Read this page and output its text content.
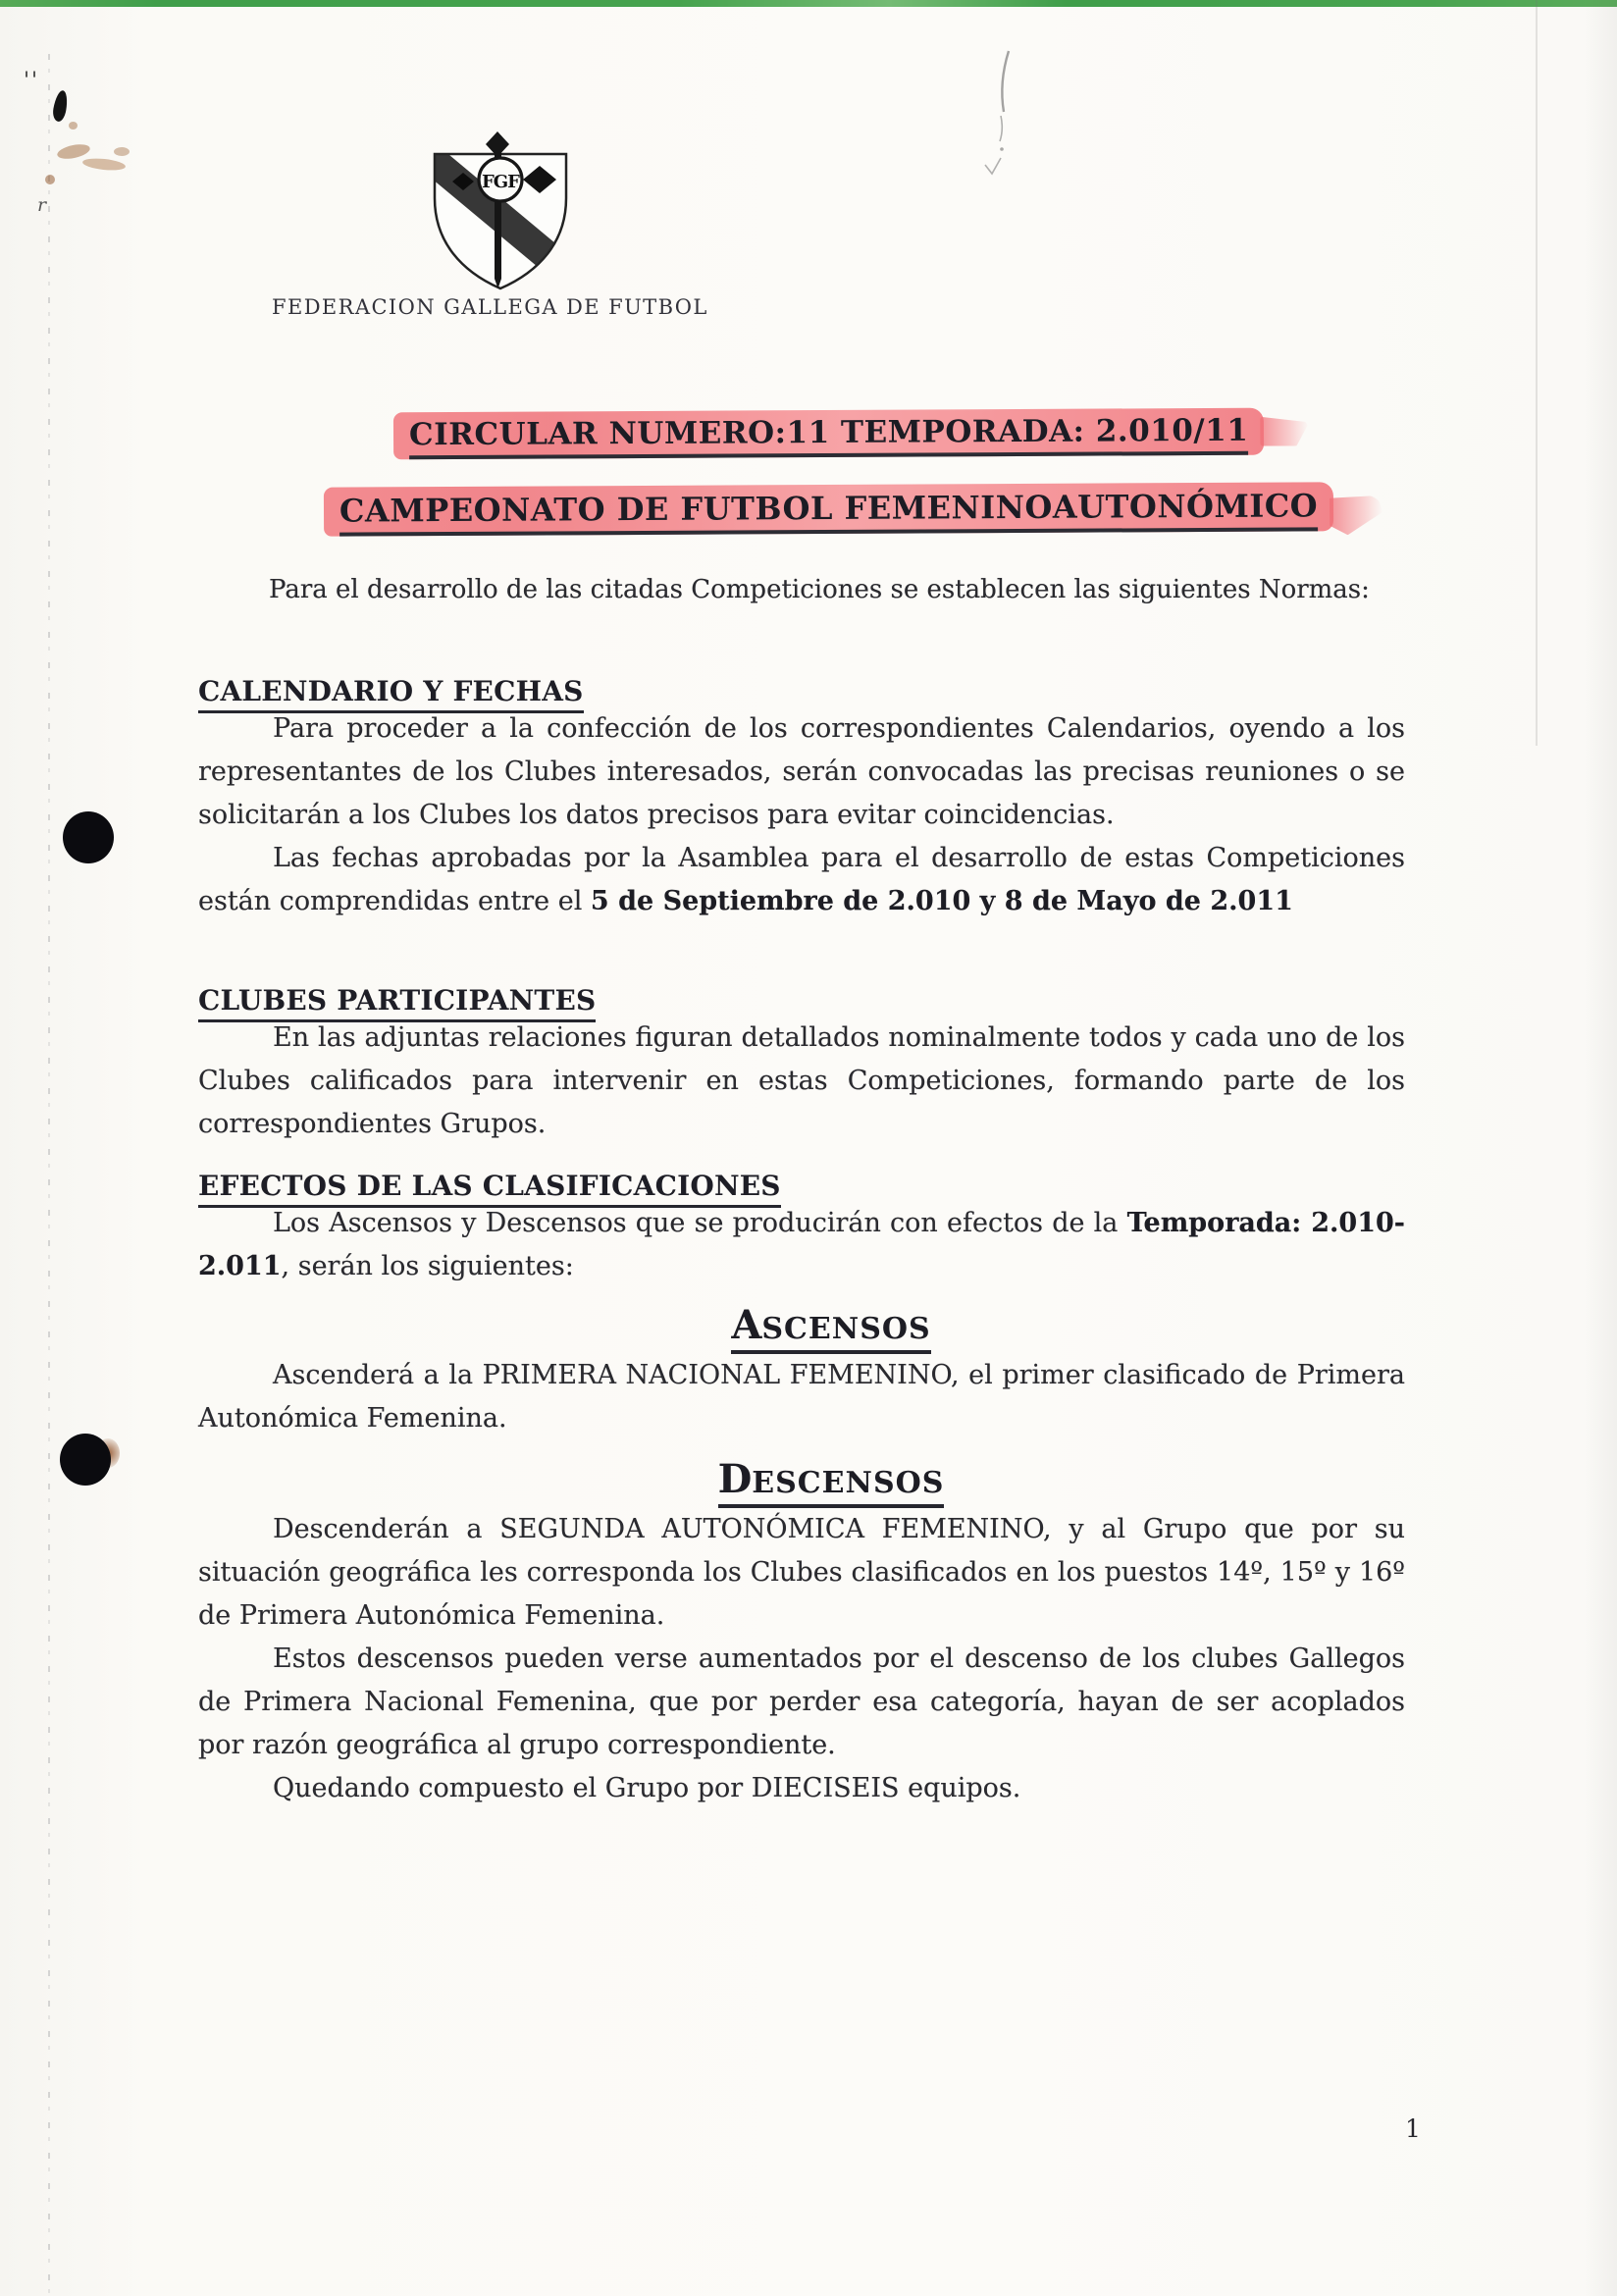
''
r
FGF
FEDERACION GALLEGA DE FUTBOL
CIRCULAR NUMERO:11 TEMPORADA: 2.010/11
CAMPEONATO DE FUTBOL FEMENINOAUTONÓMICO

Para el desarrollo de las citadas Competiciones se establecen las siguientes Normas:

CALENDARIO Y FECHAS

Para proceder a la confección de los correspondientes Calendarios, oyendo a los representantes de los Clubes interesados, serán convocadas las precisas reuniones o se solicitarán a los Clubes los datos precisos para evitar coincidencias.

Las fechas aprobadas por la Asamblea para el desarrollo de estas Competiciones están comprendidas entre el 5 de Septiembre de 2.010 y 8 de Mayo de 2.011

CLUBES PARTICIPANTES

En las adjuntas relaciones figuran detallados nominalmente todos y cada uno de los Clubes calificados para intervenir en estas Competiciones, formando parte de los correspondientes Grupos.

EFECTOS DE LAS CLASIFICACIONES

Los Ascensos y Descensos que se producirán con efectos de la Temporada: 2.010-2.011, serán los siguientes:

ASCENSOS

Ascenderá a la PRIMERA NACIONAL FEMENINO, el primer clasificado de Primera Autonómica Femenina.

DESCENSOS

Descenderán a SEGUNDA AUTONÓMICA FEMENINO, y al Grupo que por su situación geográfica les corresponda los Clubes clasificados en los puestos 14º, 15º y 16º de Primera Autonómica Femenina.

Estos descensos pueden verse aumentados por el descenso de los clubes Gallegos de Primera Nacional Femenina, que por perder esa categoría, hayan de ser acoplados por razón geográfica al grupo correspondiente.

Quedando compuesto el Grupo por DIECISEIS equipos.

1
